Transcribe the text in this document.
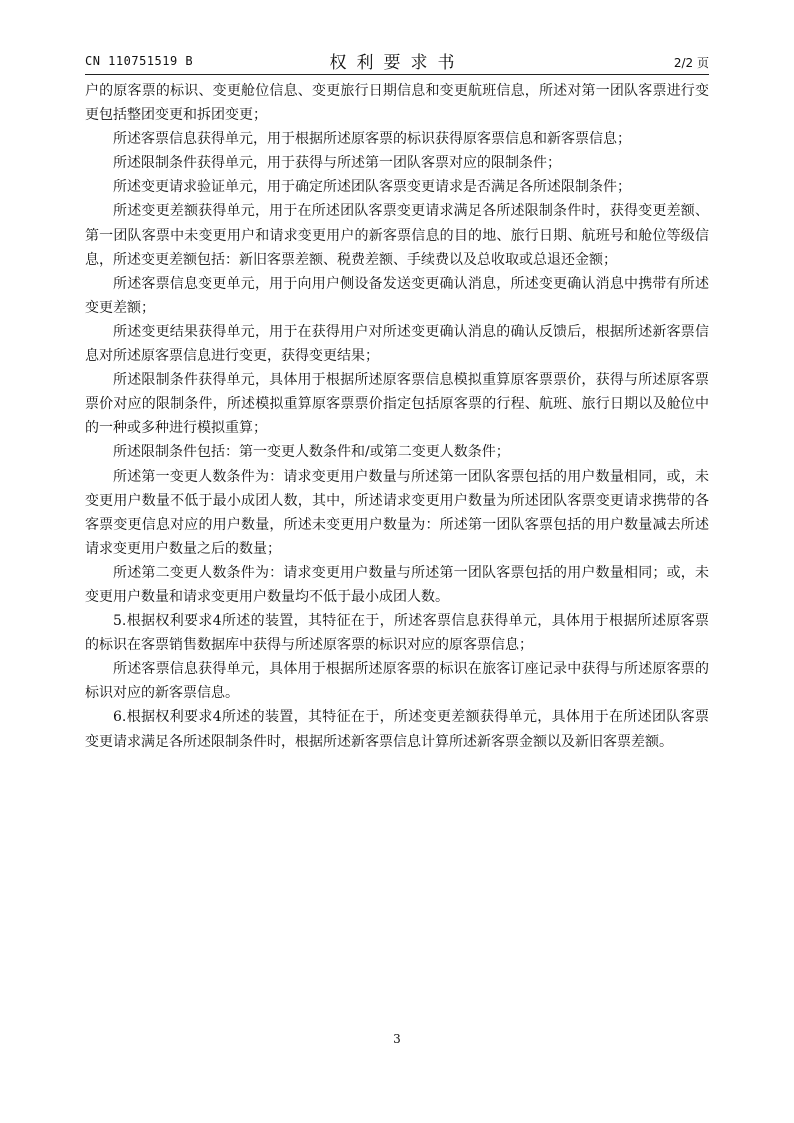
CN 110751519 B	权利要求书	2/2 页

户的原客票的标识、变更舱位信息、变更旅行日期信息和变更航班信息，所述对第一团队客票进行变更包括整团变更和拆团变更；

所述客票信息获得单元，用于根据所述原客票的标识获得原客票信息和新客票信息；

所述限制条件获得单元，用于获得与所述第一团队客票对应的限制条件；

所述变更请求验证单元，用于确定所述团队客票变更请求是否满足各所述限制条件；

所述变更差额获得单元，用于在所述团队客票变更请求满足各所述限制条件时，获得变更差额、第一团队客票中未变更用户和请求变更用户的新客票信息的目的地、旅行日期、航班号和舱位等级信息，所述变更差额包括：新旧客票差额、税费差额、手续费以及总收取或总退还金额；

所述客票信息变更单元，用于向用户侧设备发送变更确认消息，所述变更确认消息中携带有所述变更差额；

所述变更结果获得单元，用于在获得用户对所述变更确认消息的确认反馈后，根据所述新客票信息对所述原客票信息进行变更，获得变更结果；

所述限制条件获得单元，具体用于根据所述原客票信息模拟重算原客票票价，获得与所述原客票票价对应的限制条件，所述模拟重算原客票票价指定包括原客票的行程、航班、旅行日期以及舱位中的一种或多种进行模拟重算；

所述限制条件包括：第一变更人数条件和/或第二变更人数条件；

所述第一变更人数条件为：请求变更用户数量与所述第一团队客票包括的用户数量相同，或，未变更用户数量不低于最小成团人数，其中，所述请求变更用户数量为所述团队客票变更请求携带的各客票变更信息对应的用户数量，所述未变更用户数量为：所述第一团队客票包括的用户数量减去所述请求变更用户数量之后的数量；

所述第二变更人数条件为：请求变更用户数量与所述第一团队客票包括的用户数量相同；或，未变更用户数量和请求变更用户数量均不低于最小成团人数。

5.根据权利要求4所述的装置，其特征在于，所述客票信息获得单元，具体用于根据所述原客票的标识在客票销售数据库中获得与所述原客票的标识对应的原客票信息；

所述客票信息获得单元，具体用于根据所述原客票的标识在旅客订座记录中获得与所述原客票的标识对应的新客票信息。

6.根据权利要求4所述的装置，其特征在于，所述变更差额获得单元，具体用于在所述团队客票变更请求满足各所述限制条件时，根据所述新客票信息计算所述新客票金额以及新旧客票差额。

3
